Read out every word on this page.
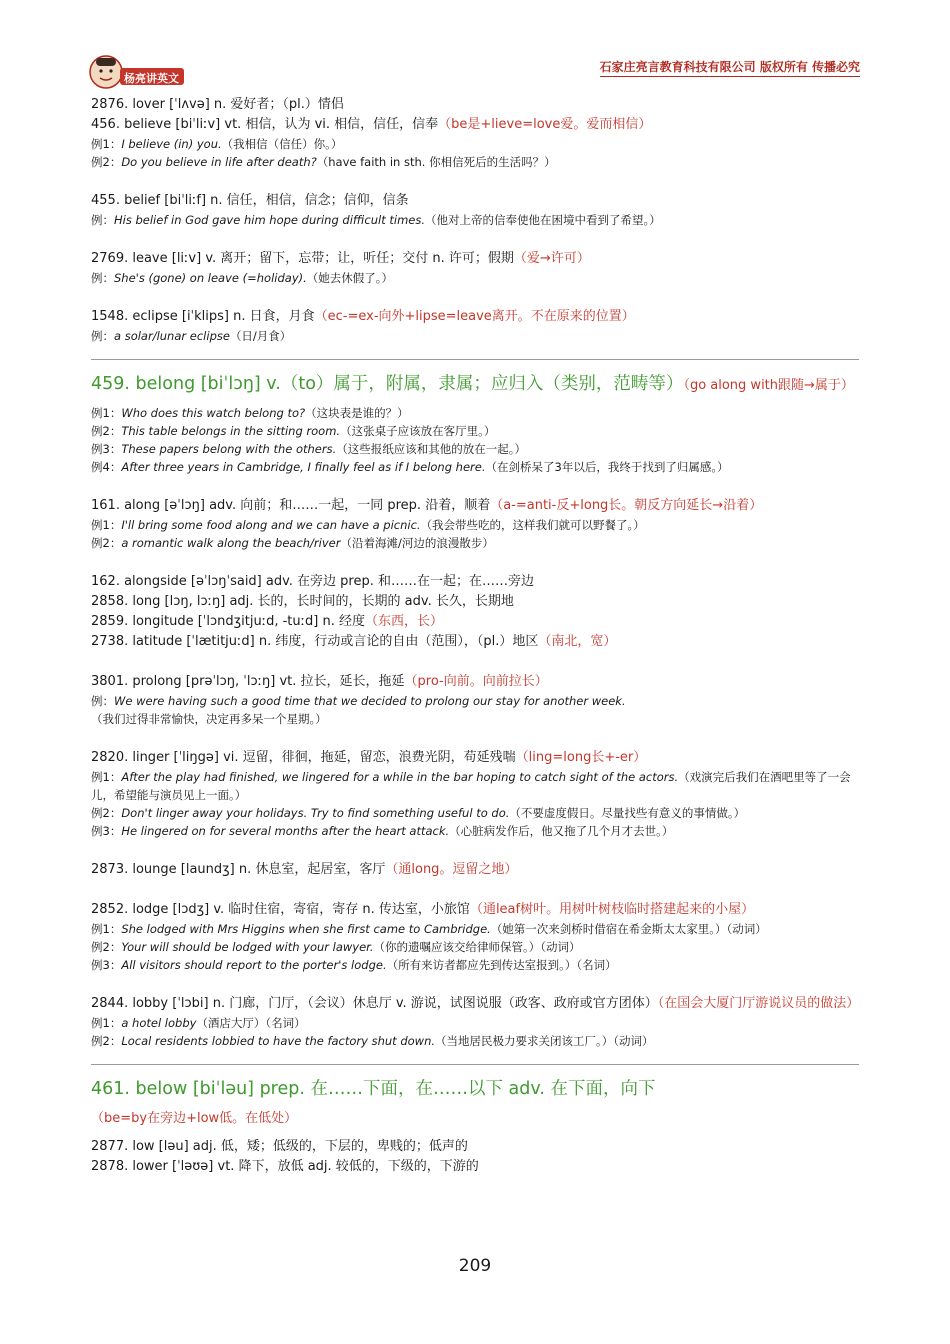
杨亮讲英文
石家庄亮言教育科技有限公司 版权所有 传播必究
2876. lover [ˈlʌvə] n. 爱好者；（pl.）情侣
456. believe [biˈliːv] vt. 相信，认为 vi. 相信，信任，信奉（be是+lieve=love爱。爱而相信）
例1：I believe (in) you.（我相信（信任）你。）
例2：Do you believe in life after death?（have faith in sth. 你相信死后的生活吗？）
455. belief [biˈliːf] n. 信任，相信，信念；信仰，信条
例：His belief in God gave him hope during difficult times.（他对上帝的信奉使他在困境中看到了希望。）
2769. leave [liːv] v. 离开；留下，忘带；让，听任；交付 n. 许可；假期（爱→许可）
例：She's (gone) on leave (=holiday).（她去休假了。）
1548. eclipse [iˈklips] n. 日食，月食（ec-=ex-向外+lipse=leave离开。不在原来的位置）
例：a solar/lunar eclipse（日/月食）
459. belong [biˈlɔŋ] v.（to）属于，附属，隶属；应归入（类别，范畴等）（go along with跟随→属于）
例1：Who does this watch belong to?（这块表是谁的？）
例2：This table belongs in the sitting room.（这张桌子应该放在客厅里。）
例3：These papers belong with the others.（这些报纸应该和其他的放在一起。）
例4：After three years in Cambridge, I finally feel as if I belong here.（在剑桥呆了3年以后，我终于找到了归属感。）
161. along [əˈlɔŋ] adv. 向前；和……一起，一同 prep. 沿着，顺着（a-=anti-反+long长。朝反方向延长→沿着）
例1：I'll bring some food along and we can have a picnic.（我会带些吃的，这样我们就可以野餐了。）
例2：a romantic walk along the beach/river（沿着海滩/河边的浪漫散步）
162. alongside [əˈlɔŋˈsaid] adv. 在旁边 prep. 和……在一起；在……旁边
2858. long [lɔŋ, lɔːŋ] adj. 长的，长时间的，长期的 adv. 长久，长期地
2859. longitude [ˈlɔndʒitjuːd, -tuːd] n. 经度（东西，长）
2738. latitude [ˈlætitjuːd] n. 纬度，行动或言论的自由（范围），（pl.）地区（南北，宽）
3801. prolong [prəˈlɔŋ, ˈlɔːŋ] vt. 拉长，延长，拖延（pro-向前。向前拉长）
例：We were having such a good time that we decided to prolong our stay for another week.（我们过得非常愉快，决定再多呆一个星期。）
2820. linger [ˈliŋgə] vi. 逗留，徘徊，拖延，留恋，浪费光阴，苟延残喘（ling=long长+-er）
例1：After the play had finished, we lingered for a while in the bar hoping to catch sight of the actors.（戏演完后我们在酒吧里等了一会儿，希望能与演员见上一面。）
例2：Don't linger away your holidays. Try to find something useful to do.（不要虚度假日。尽量找些有意义的事情做。）
例3：He lingered on for several months after the heart attack.（心脏病发作后，他又拖了几个月才去世。）
2873. lounge [laundʒ] n. 休息室，起居室，客厅（通long。逗留之地）
2852. lodge [lɔdʒ] v. 临时住宿，寄宿，寄存 n. 传达室，小旅馆（通leaf树叶。用树叶树枝临时搭建起来的小屋）
例1：She lodged with Mrs Higgins when she first came to Cambridge.（她第一次来剑桥时借宿在希金斯太太家里。）（动词）
例2：Your will should be lodged with your lawyer.（你的遗嘱应该交给律师保管。）（动词）
例3：All visitors should report to the porter's lodge.（所有来访者都应先到传达室报到。）（名词）
2844. lobby [ˈlɔbi] n. 门廊，门厅，（会议）休息厅 v. 游说，试图说服（政客、政府或官方团体）（在国会大厦门厅游说议员的做法）
例1：a hotel lobby（酒店大厅）（名词）
例2：Local residents lobbied to have the factory shut down.（当地居民极力要求关闭该工厂。）（动词）
461. below [biˈləu] prep. 在……下面，在……以下 adv. 在下面，向下（be=by在旁边+low低。在低处）
2877. low [ləu] adj. 低，矮；低级的，下层的，卑贱的；低声的
2878. lower [ˈləʊə] vt. 降下，放低 adj. 较低的，下级的，下游的
209
